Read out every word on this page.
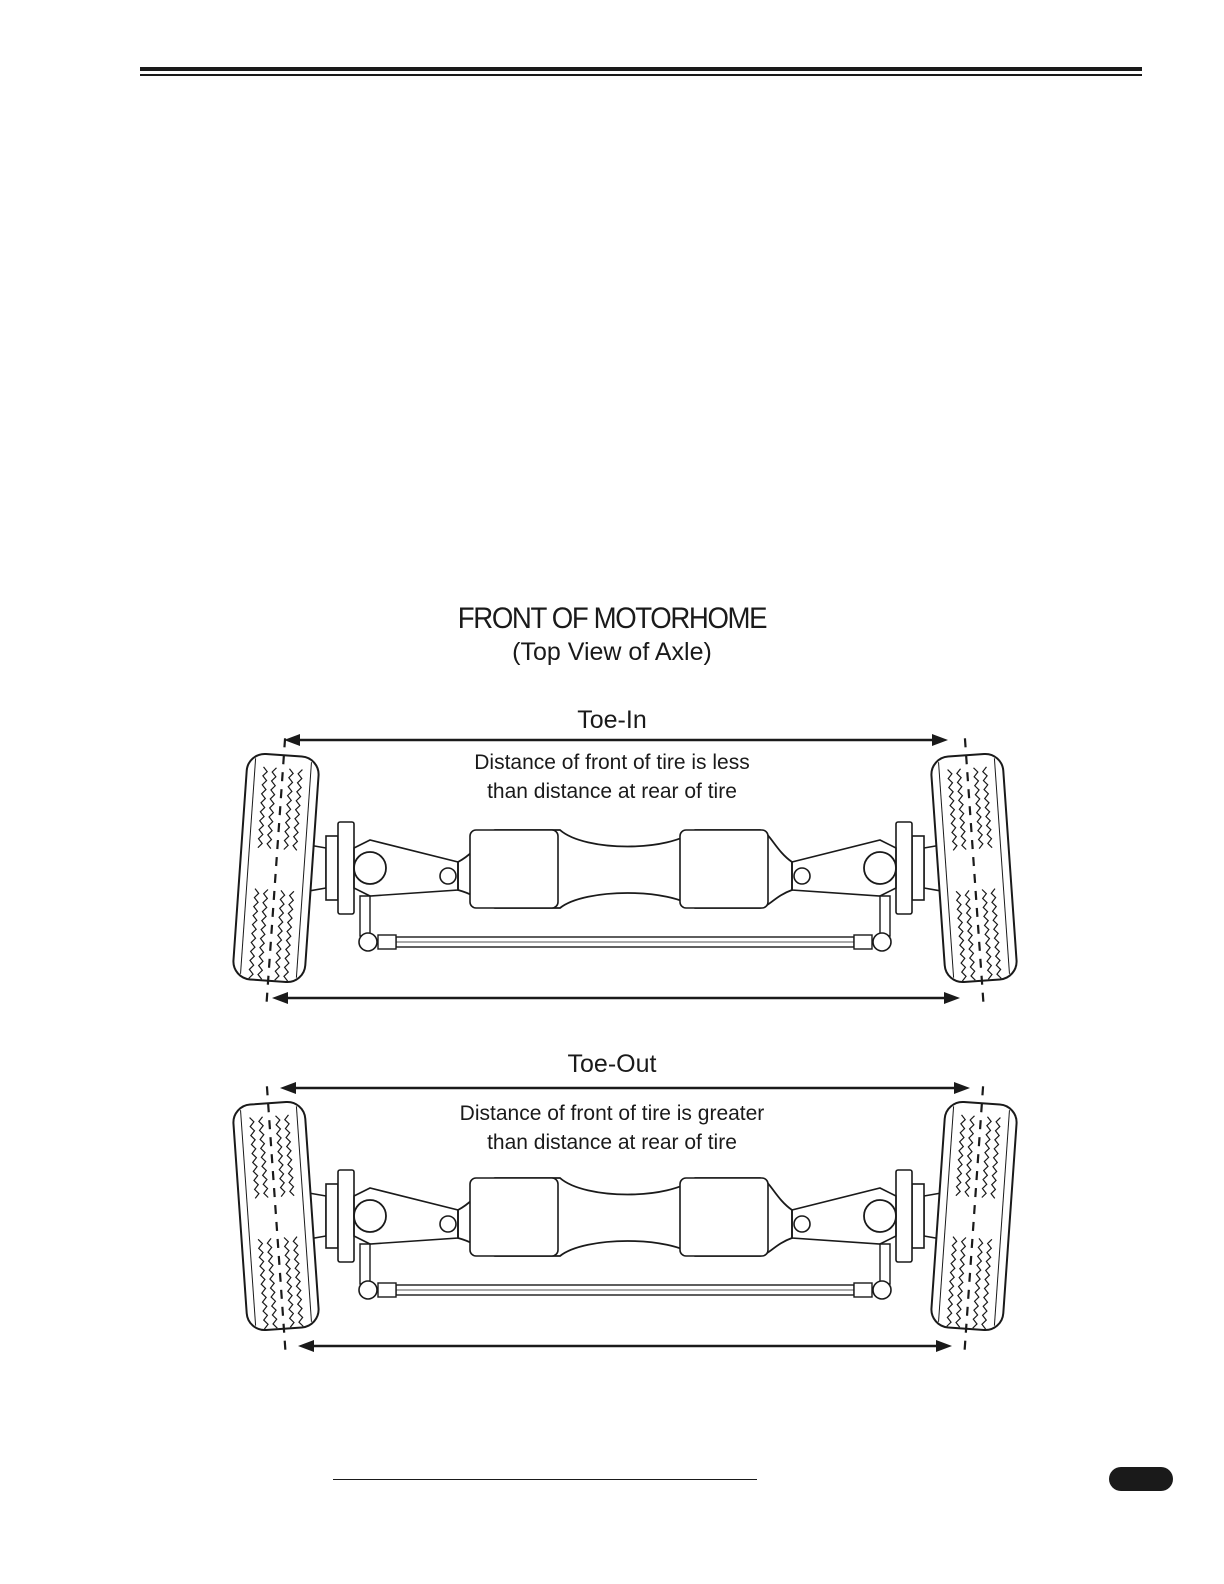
FRONT OF MOTORHOME
(Top View of Axle)
Toe-In
Distance of front of tire is less
than distance at rear of tire
Toe-Out
Distance of front of tire is greater
than distance at rear of tire
